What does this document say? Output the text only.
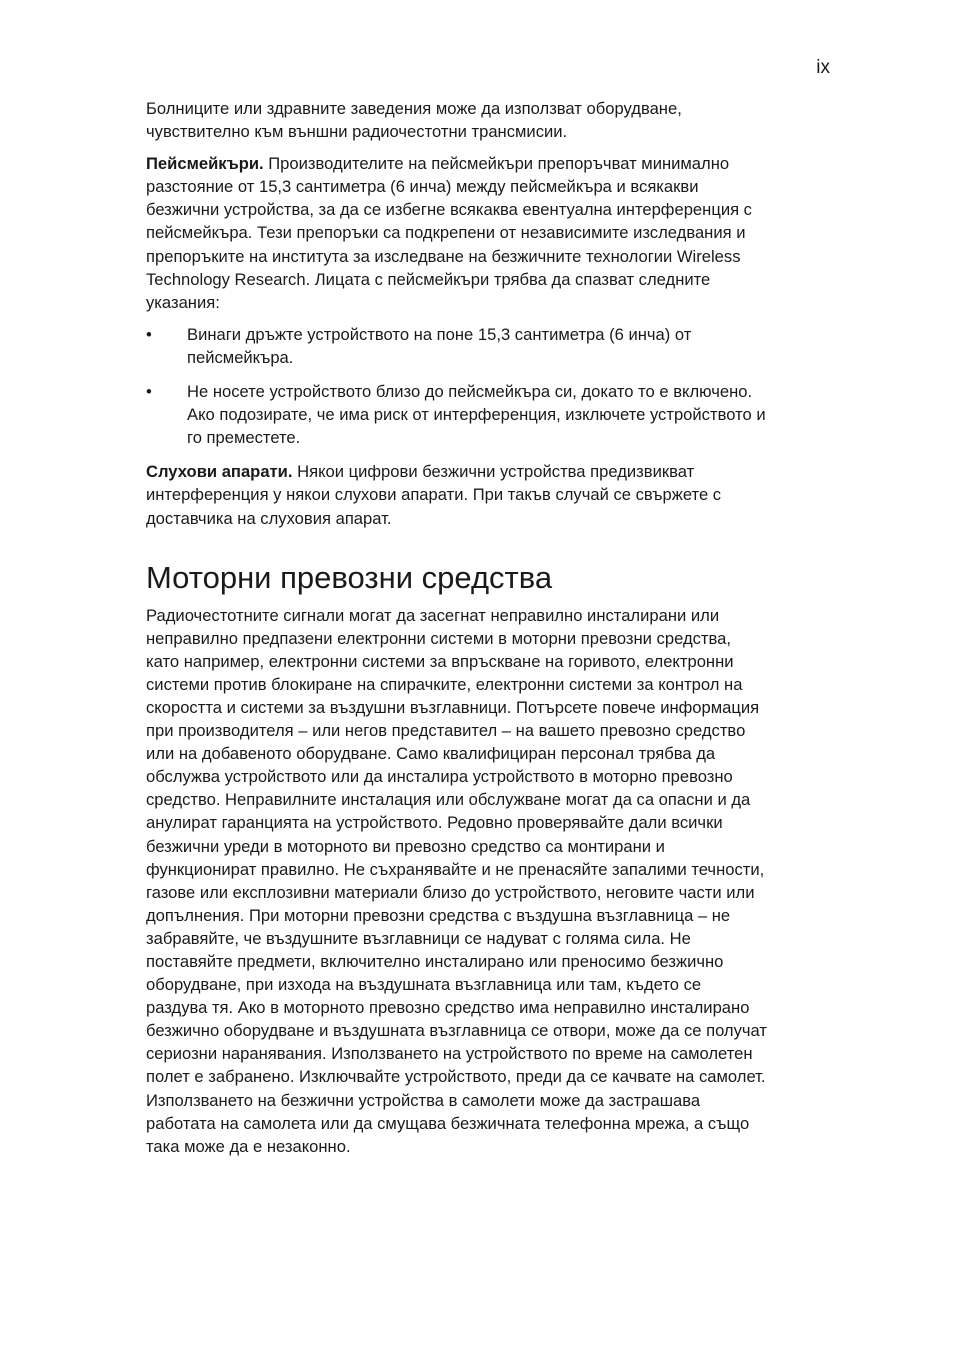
ix

Болниците или здравните заведения може да използват оборудване,
чувствително към външни радиочестотни трансмисии.

Пейсмейкъри. Производителите на пейсмейкъри препоръчват минимално
разстояние от 15,3 сантиметра (6 инча) между пейсмейкъра и всякакви
безжични устройства, за да се избегне всякаква евентуална интерференция с
пейсмейкъра. Тези препоръки са подкрепени от независимите изследвания и
препоръките на института за изследване на безжичните технологии Wireless
Technology Research. Лицата с пейсмейкъри трябва да спазват следните
указания:

• Винаги дръжте устройството на поне 15,3 сантиметра (6 инча) от
пейсмейкъра.
• Не носете устройството близо до пейсмейкъра си, докато то е включено.
Ако подозирате, че има риск от интерференция, изключете устройството и
го преместете.

Слухови апарати. Някои цифрови безжични устройства предизвикват
интерференция у някои слухови апарати. При такъв случай се свържете с
доставчика на слуховия апарат.

Моторни превозни средства

Радиочестотните сигнали могат да засегнат неправилно инсталирани или
неправилно предпазени електронни системи в моторни превозни средства,
като например, електронни системи за впръскване на горивото, електронни
системи против блокиране на спирачките, електронни системи за контрол на
скоростта и системи за въздушни възглавници. Потърсете повече информация
при производителя – или негов представител – на вашето превозно средство
или на добавеното оборудване. Само квалифициран персонал трябва да
обслужва устройството или да инсталира устройството в моторно превозно
средство. Неправилните инсталация или обслужване могат да са опасни и да
анулират гаранцията на устройството. Редовно проверявайте дали всички
безжични уреди в моторното ви превозно средство са монтирани и
функционират правилно. Не съхранявайте и не пренасяйте запалими течности,
газове или експлозивни материали близо до устройството, неговите части или
допълнения. При моторни превозни средства с въздушна възглавница – не
забравяйте, че въздушните възглавници се надуват с голяма сила. Не
поставяйте предмети, включително инсталирано или преносимо безжично
оборудване, при изхода на въздушната възглавница или там, където се
раздува тя. Ако в моторното превозно средство има неправилно инсталирано
безжично оборудване и въздушната възглавница се отвори, може да се получат
сериозни наранявания. Използването на устройството по време на самолетен
полет е забранено. Изключвайте устройството, преди да се качвате на самолет.
Използването на безжични устройства в самолети може да застрашава
работата на самолета или да смущава безжичната телефонна мрежа, а също
така може да е незаконно.
